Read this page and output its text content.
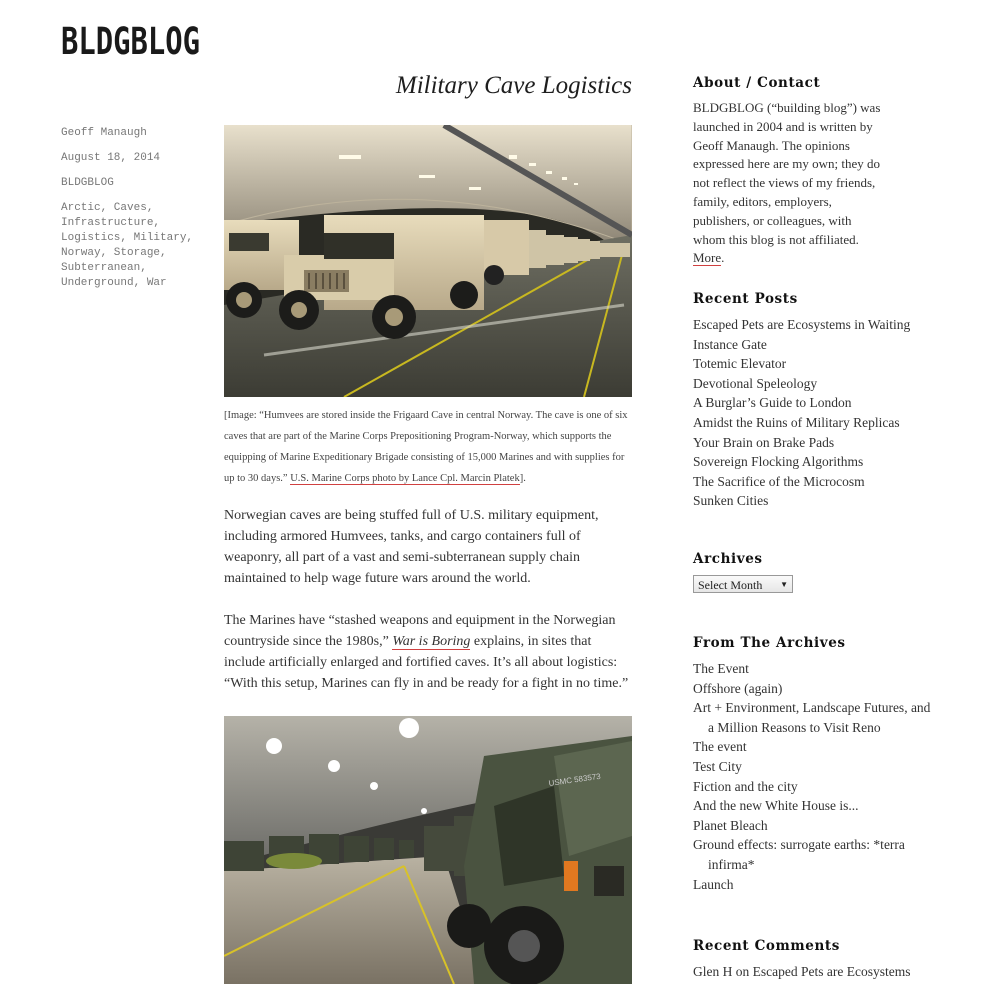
BLDGBLOG
Military Cave Logistics
Geoff Manaugh
August 18, 2014
BLDGBLOG
Arctic, Caves, Infrastructure, Logistics, Military, Norway, Storage, Subterranean, Underground, War
[Image: “Humvees are stored inside the Frigaard Cave in central Norway. The cave is one of six caves that are part of the Marine Corps Prepositioning Program-Norway, which supports the equipping of Marine Expeditionary Brigade consisting of 15,000 Marines and with supplies for up to 30 days.” U.S. Marine Corps photo by Lance Cpl. Marcin Platek].
Norwegian caves are being stuffed full of U.S. military equipment, including armored Humvees, tanks, and cargo containers full of weaponry, all part of a vast and semi-subterranean supply chain maintained to help wage future wars around the world.
The Marines have “stashed weapons and equipment in the Norwegian countryside since the 1980s,” War is Boring explains, in sites that include artificially enlarged and fortified caves. It’s all about logistics: “With this setup, Marines can fly in and be ready for a fight in no time.”
USMC 583573
About / Contact

BLDGBLOG (“building blog”) was launched in 2004 and is written by Geoff Manaugh. The opinions expressed here are my own; they do not reflect the views of my friends, family, editors, employers, publishers, or colleagues, with whom this blog is not affiliated. More.

Recent Posts
Escaped Pets are Ecosystems in Waiting
Instance Gate
Totemic Elevator
Devotional Speleology
A Burglar’s Guide to London
Amidst the Ruins of Military Replicas
Your Brain on Brake Pads
Sovereign Flocking Algorithms
The Sacrifice of the Microcosm
Sunken Cities
Archives
Select Month ▼
From The Archives
The Event
Offshore (again)
Art + Environment, Landscape Futures, and a Million Reasons to Visit Reno
The event
Test City
Fiction and the city
And the new White House is...
Planet Bleach
Ground effects: surrogate earths: *terra infirma*
Launch
Recent Comments
Glen H on Escaped Pets are Ecosystems
